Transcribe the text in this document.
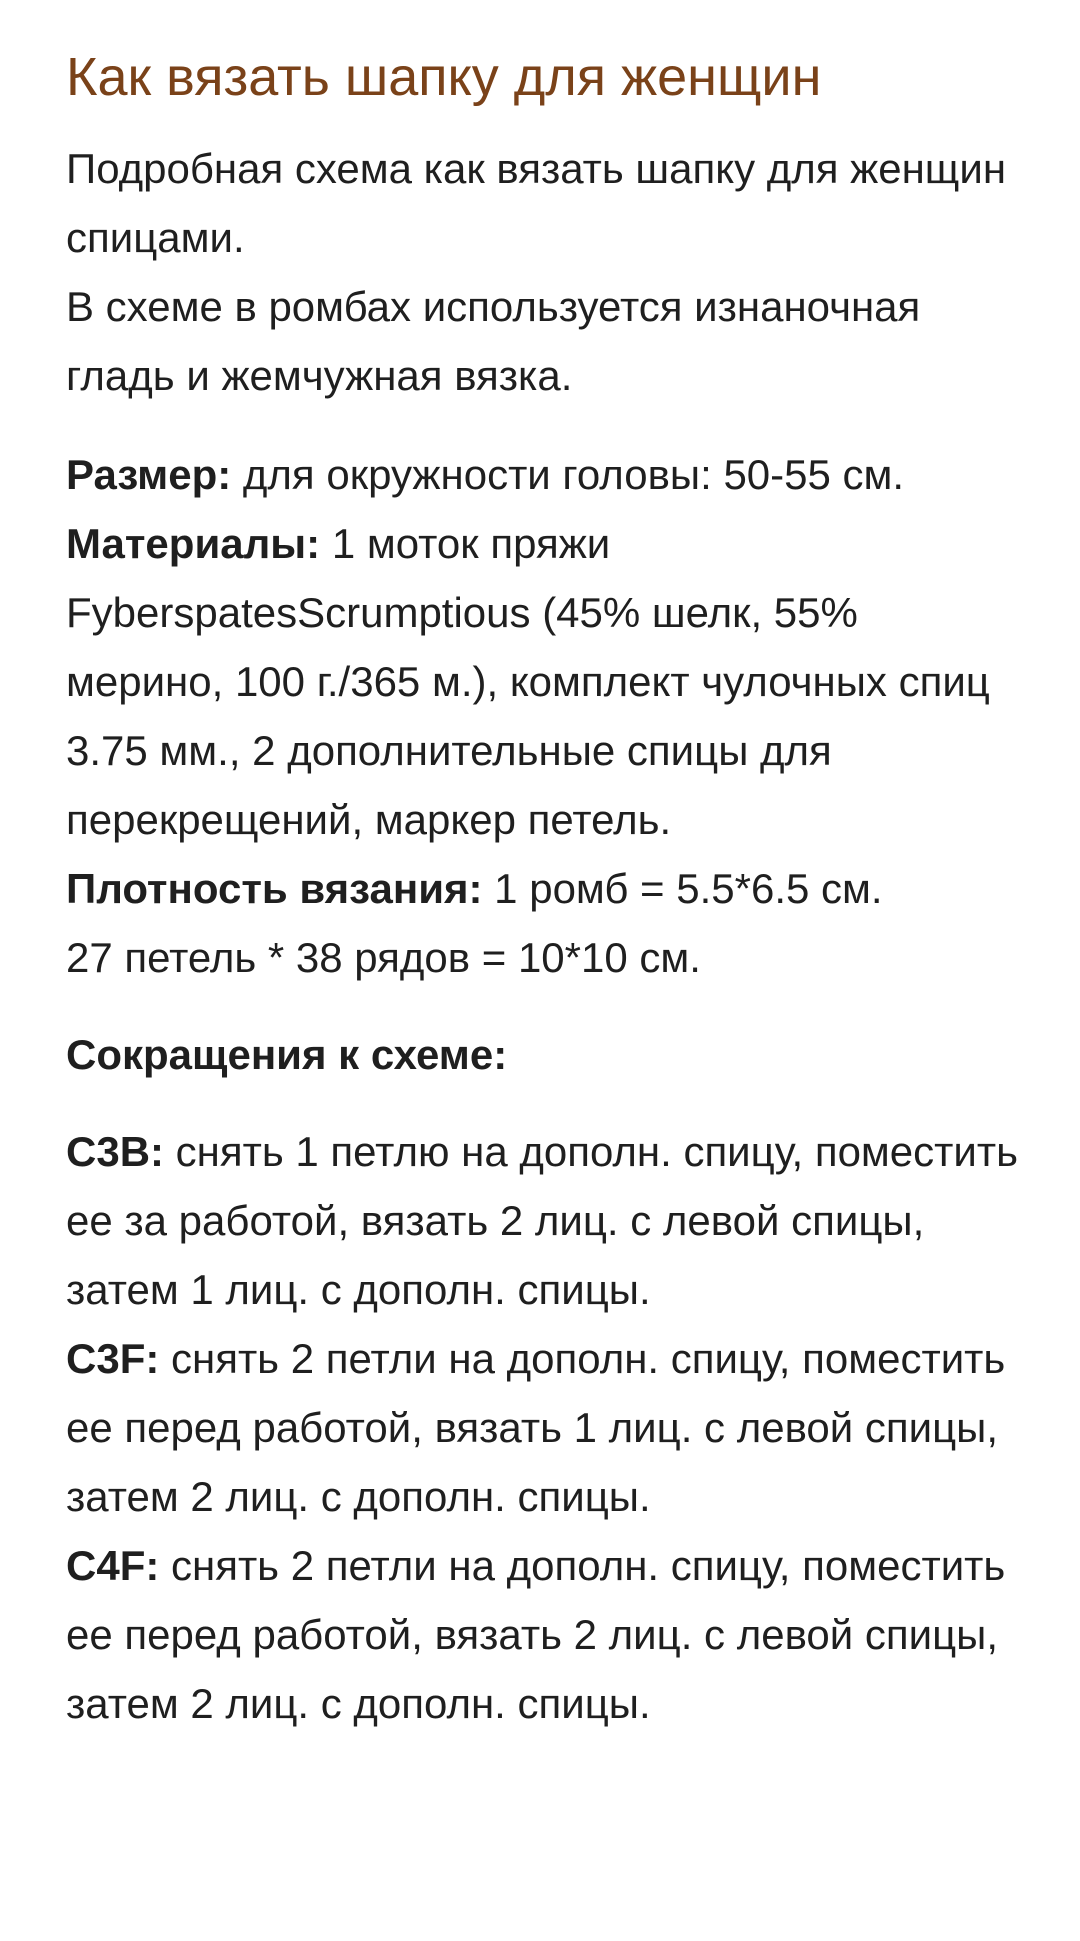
Как вязать шапку для женщин

Подробная схема как вязать шапку для женщин спицами.
В схеме в ромбах используется изнаночная гладь и жемчужная вязка.

Размер: для окружности головы: 50-55 см.
Материалы: 1 моток пряжи FyberspatesScrumptious (45% шелк, 55% мерино, 100 г./365 м.), комплект чулочных спиц 3.75 мм., 2 дополнительные спицы для перекрещений, маркер петель.
Плотность вязания: 1 ромб = 5.5*6.5 см.
27 петель * 38 рядов = 10*10 см.

Сокращения к схеме:

C3B: снять 1 петлю на дополн. спицу, поместить ее за работой, вязать 2 лиц. с левой спицы, затем 1 лиц. с дополн. спицы.
C3F: снять 2 петли на дополн. спицу, поместить ее перед работой, вязать 1 лиц. с левой спицы, затем 2 лиц. с дополн. спицы.
C4F: снять 2 петли на дополн. спицу, поместить ее перед работой, вязать 2 лиц. с левой спицы, затем 2 лиц. с дополн. спицы.
